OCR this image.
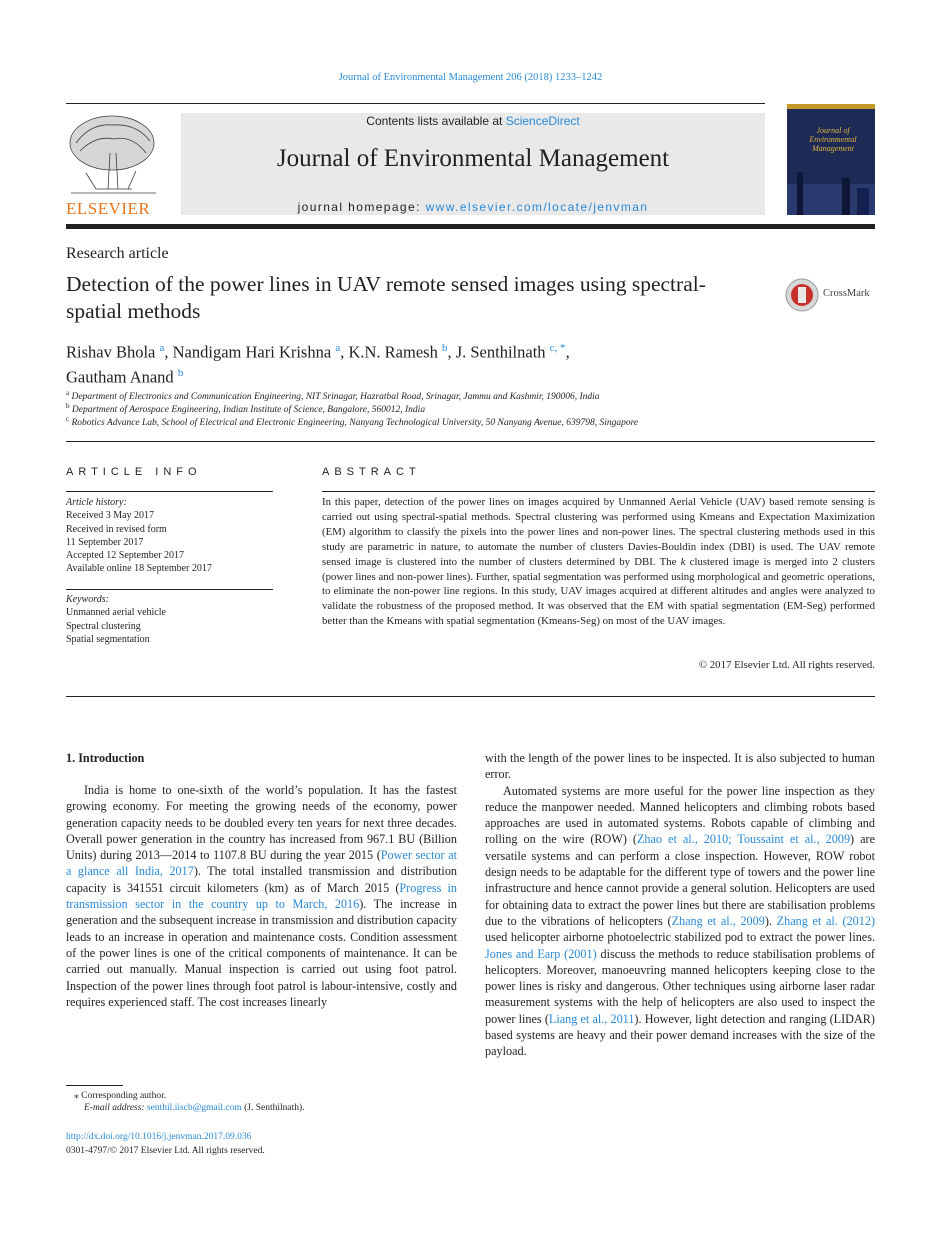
Journal of Environmental Management 206 (2018) 1233–1242
ELSEVIER
Contents lists available at ScienceDirect
Journal of Environmental Management
journal homepage: www.elsevier.com/locate/jenvman
Journal of Environmental Management
Research article
Detection of the power lines in UAV remote sensed images using spectral-spatial methods
CrossMark
Rishav Bhola $^a$, Nandigam Hari Krishna $^a$, K.N. Ramesh $^b$, J. Senthilnath $^{c, *}$,
Gautham Anand $^b$
$^a$ Department of Electronics and Communication Engineering, NIT Srinagar, Hazratbal Road, Srinagar, Jammu and Kashmir, 190006, India
$^b$ Department of Aerospace Engineering, Indian Institute of Science, Bangalore, 560012, India
$^c$ Robotics Advance Lab, School of Electrical and Electronic Engineering, Nanyang Technological University, 50 Nanyang Avenue, 639798, Singapore
ARTICLE INFO
Article history:
Received 3 May 2017
Received in revised form
11 September 2017
Accepted 12 September 2017
Available online 18 September 2017
Keywords:
Unmanned aerial vehicle
Spectral clustering
Spatial segmentation
ABSTRACT
In this paper, detection of the power lines on images acquired by Unmanned Aerial Vehicle (UAV) based remote sensing is carried out using spectral-spatial methods. Spectral clustering was performed using Kmeans and Expectation Maximization (EM) algorithm to classify the pixels into the power lines and non-power lines. The spectral clustering methods used in this study are parametric in nature, to automate the number of clusters Davies-Bouldin index (DBI) is used. The UAV remote sensed image is clustered into the number of clusters determined by DBI. The k clustered image is merged into 2 clusters (power lines and non-power lines). Further, spatial segmentation was performed using morphological and geometric operations, to eliminate the non-power line regions. In this study, UAV images acquired at different altitudes and angles were analyzed to validate the robustness of the proposed method. It was observed that the EM with spatial segmentation (EM-Seg) performed better than the Kmeans with spatial segmentation (Kmeans-Seg) on most of the UAV images.
© 2017 Elsevier Ltd. All rights reserved.
1. Introduction

India is home to one-sixth of the world’s population. It has the fastest growing economy. For meeting the growing needs of the economy, power generation capacity needs to be doubled every ten years for next three decades. Overall power generation in the country has increased from 967.1 BU (Billion Units) during 2013—2014 to 1107.8 BU during the year 2015 (Power sector at a glance all India, 2017). The total installed transmission and distribution capacity is 341551 circuit kilometers (km) as of March 2015 (Progress in transmission sector in the country up to March, 2016). The increase in generation and the subsequent increase in transmission and distribution capacity leads to an increase in operation and maintenance costs. Condition assessment of the power lines is one of the critical components of maintenance. It can be carried out manually. Manual inspection is carried out using foot patrol. Inspection of the power lines through foot patrol is labour-intensive, costly and requires experienced staff. The cost increases linearly

with the length of the power lines to be inspected. It is also subjected to human error.

Automated systems are more useful for the power line inspection as they reduce the manpower needed. Manned helicopters and climbing robots based approaches are used in automated systems. Robots capable of climbing and rolling on the wire (ROW) (Zhao et al., 2010; Toussaint et al., 2009) are versatile systems and can perform a close inspection. However, ROW robot design needs to be adaptable for the different type of towers and the power line infrastructure and hence cannot provide a general solution. Helicopters are used for obtaining data to extract the power lines but there are stabilisation problems due to the vibrations of helicopters (Zhang et al., 2009). Zhang et al. (2012) used helicopter airborne photoelectric stabilized pod to extract the power lines. Jones and Earp (2001) discuss the methods to reduce stabilisation problems of helicopters. Moreover, manoeuvring manned helicopters keeping close to the power lines is risky and dangerous. Other techniques using airborne laser radar measurement systems with the help of helicopters are also used to inspect the power lines (Liang et al., 2011). However, light detection and ranging (LIDAR) based systems are heavy and their power demand increases with the size of the payload.

⁎ Corresponding author.
E-mail address: senthil.iiscb@gmail.com (J. Senthilnath).
http://dx.doi.org/10.1016/j.jenvman.2017.09.036
0301-4797/© 2017 Elsevier Ltd. All rights reserved.
